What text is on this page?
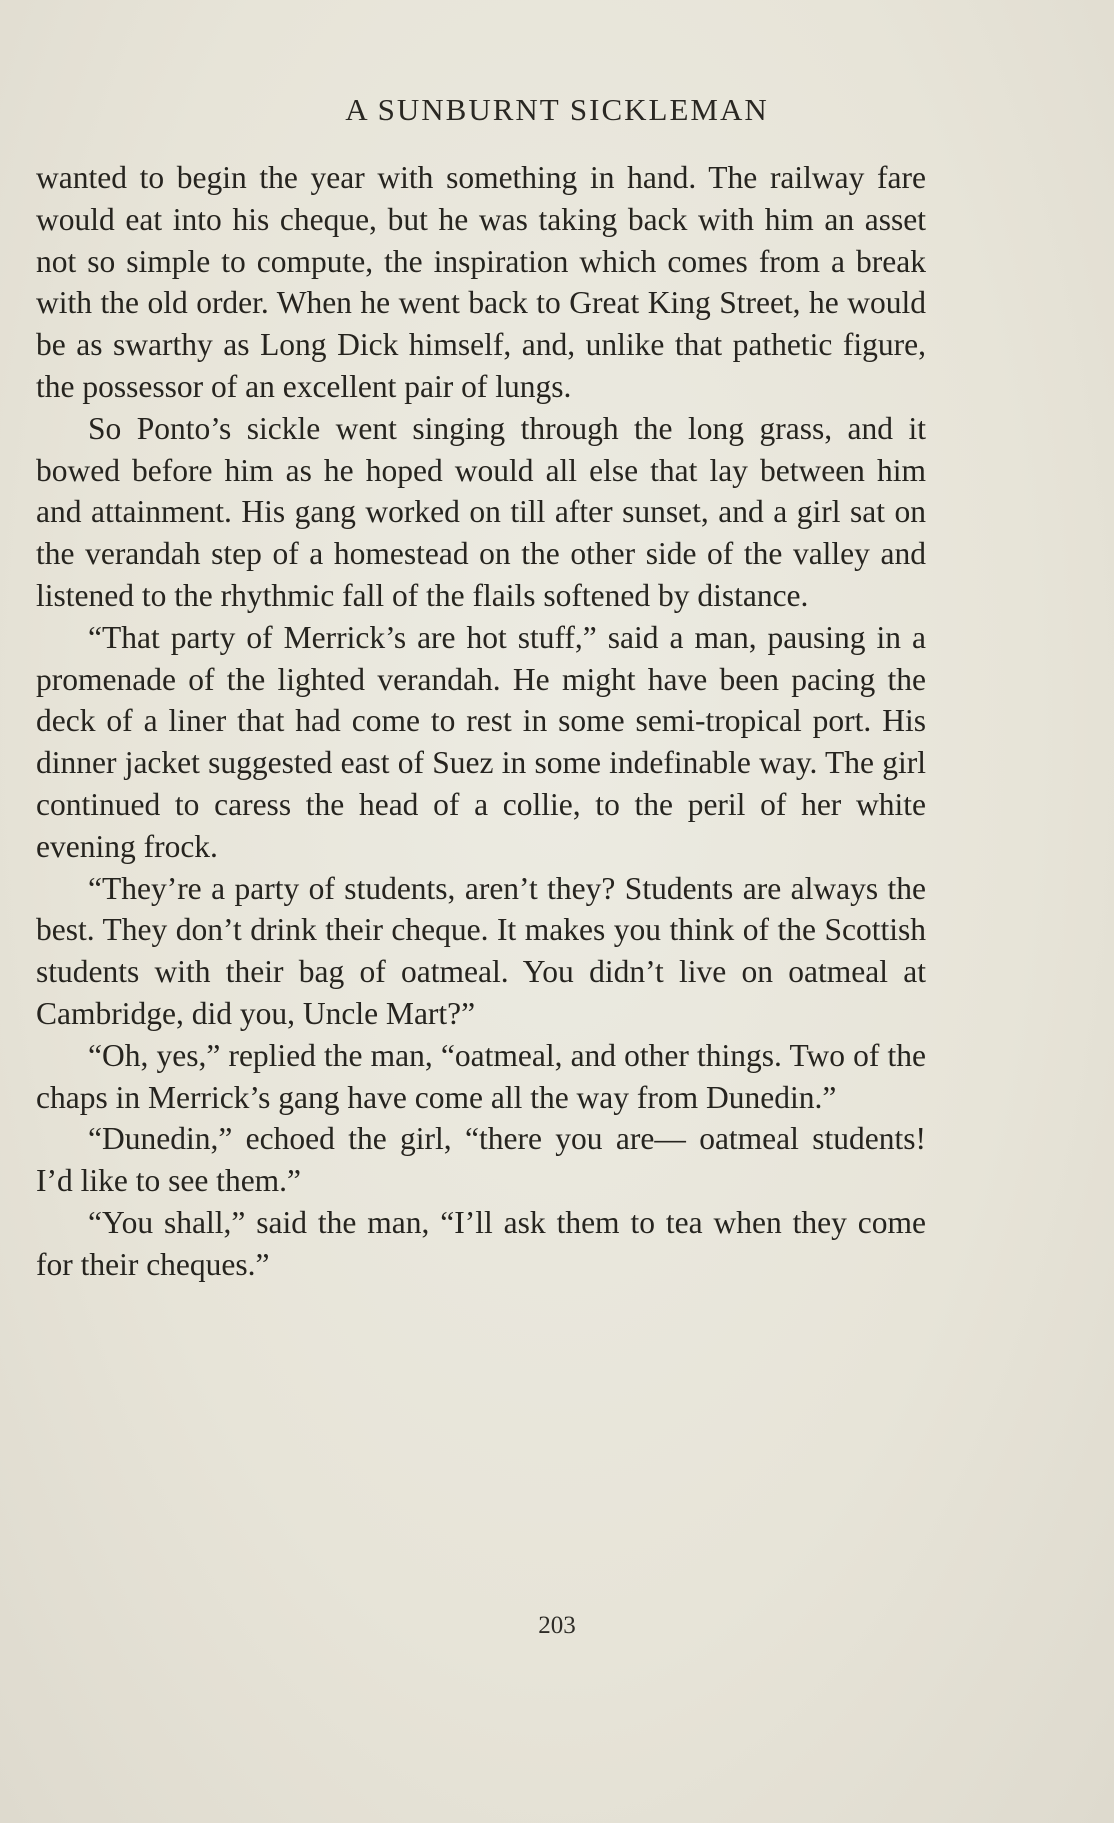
A SUNBURNT SICKLEMAN

wanted to begin the year with something in hand. The railway fare would eat into his cheque, but he was taking back with him an asset not so simple to compute, the inspiration which comes from a break with the old order. When he went back to Great King Street, he would be as swarthy as Long Dick himself, and, unlike that pathetic figure, the possessor of an excellent pair of lungs.

So Ponto’s sickle went singing through the long grass, and it bowed before him as he hoped would all else that lay between him and attainment. His gang worked on till after sunset, and a girl sat on the verandah step of a homestead on the other side of the valley and listened to the rhythmic fall of the flails softened by distance.

“That party of Merrick’s are hot stuff,” said a man, pausing in a promenade of the lighted verandah. He might have been pacing the deck of a liner that had come to rest in some semi-tropical port. His dinner jacket suggested east of Suez in some indefinable way. The girl continued to caress the head of a collie, to the peril of her white evening frock.

“They’re a party of students, aren’t they? Students are always the best. They don’t drink their cheque. It makes you think of the Scottish students with their bag of oatmeal. You didn’t live on oatmeal at Cambridge, did you, Uncle Mart?”

“Oh, yes,” replied the man, “oatmeal, and other things. Two of the chaps in Merrick’s gang have come all the way from Dunedin.”

“Dunedin,” echoed the girl, “there you are— oatmeal students! I’d like to see them.”

“You shall,” said the man, “I’ll ask them to tea when they come for their cheques.”

203
